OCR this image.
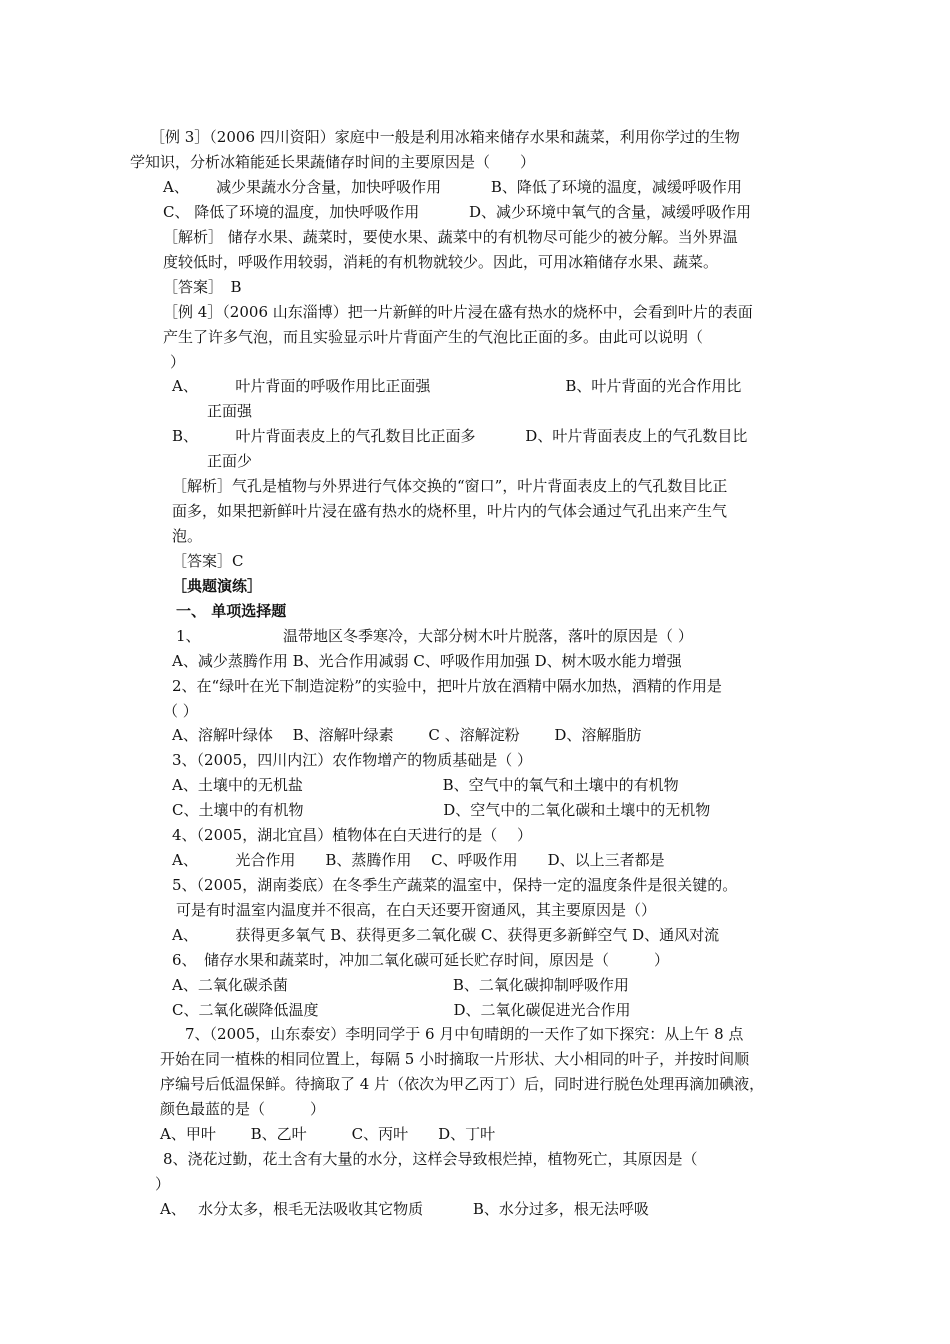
［例 3］（2006 四川资阳）家庭中一般是利用冰箱来储存水果和蔬菜，利用你学过的生物
学知识，分析冰箱能延长果蔬储存时间的主要原因是（　　）
A、　　 减少果蔬水分含量，加快呼吸作用　　　 B、降低了环境的温度，减缓呼吸作用
C、 降低了环境的温度，加快呼吸作用　　　 D、减少环境中氧气的含量，减缓呼吸作用
［解析］ 储存水果、蔬菜时，要使水果、蔬菜中的有机物尽可能少的被分解。当外界温
度较低时，呼吸作用较弱，消耗的有机物就较少。因此，可用冰箱储存水果、蔬菜。
［答案］　B
［例 4］（2006 山东淄博）把一片新鲜的叶片浸在盛有热水的烧杯中，会看到叶片的表面
产生了许多气泡，而且实验显示叶片背面产生的气泡比正面的多。由此可以说明（
）
A、　　　叶片背面的呼吸作用比正面强　　　　　　　　　B、叶片背面的光合作用比
正面强
B、　　　叶片背面表皮上的气孔数目比正面多　　　 D、叶片背面表皮上的气孔数目比
正面少
［解析］气孔是植物与外界进行气体交换的“窗口”，叶片背面表皮上的气孔数目比正
面多，如果把新鲜叶片浸在盛有热水的烧杯里，叶片内的气体会通过气孔出来产生气
泡。
［答案］C
［典题演练］
一、 单项选择题
1、　　　　　　温带地区冬季寒冷，大部分树木叶片脱落，落叶的原因是（ ）
A、减少蒸腾作用 B、光合作用减弱 C、呼吸作用加强 D、树木吸水能力增强
2、在“绿叶在光下制造淀粉”的实验中，把叶片放在酒精中隔水加热，酒精的作用是
（ ）
A、溶解叶绿体　 B、溶解叶绿素　　 C 、溶解淀粉　　 D、溶解脂肪
3、（2005，四川内江）农作物增产的物质基础是（ ）
A、土壤中的无机盐　　　　　　　　　 B、空气中的氧气和土壤中的有机物
C、土壤中的有机物　　　　　　　　　 D、空气中的二氧化碳和土壤中的无机物
4、（2005，湖北宜昌）植物体在白天进行的是（　 ）
A、　　　光合作用　　B、蒸腾作用　 C、呼吸作用　　D、以上三者都是
5、（2005，湖南娄底）在冬季生产蔬菜的温室中，保持一定的温度条件是很关键的。
可是有时温室内温度并不很高，在白天还要开窗通风，其主要原因是（）
A、　　　获得更多氧气 B、获得更多二氧化碳 C、获得更多新鲜空气 D、通风对流
6、　储存水果和蔬菜时，冲加二氧化碳可延长贮存时间，原因是（　　　）
A、二氧化碳杀菌　　　　　　　　　　　B、二氧化碳抑制呼吸作用
C、二氧化碳降低温度　　　　　　　　　D、二氧化碳促进光合作用
7、（2005，山东泰安）李明同学于 6 月中旬晴朗的一天作了如下探究：从上午 8 点
开始在同一植株的相同位置上，每隔 5 小时摘取一片形状、大小相同的叶子，并按时间顺
序编号后低温保鲜。待摘取了 4 片（依次为甲乙丙丁）后，同时进行脱色处理再滴加碘液，
颜色最蓝的是（　　　）
A、甲叶　　 B、乙叶　　　C、丙叶　　D、丁叶
8、浇花过勤，花土含有大量的水分，这样会导致根烂掉，植物死亡，其原因是（
）
A、　 水分太多，根毛无法吸收其它物质　　　 B、水分过多，根无法呼吸
